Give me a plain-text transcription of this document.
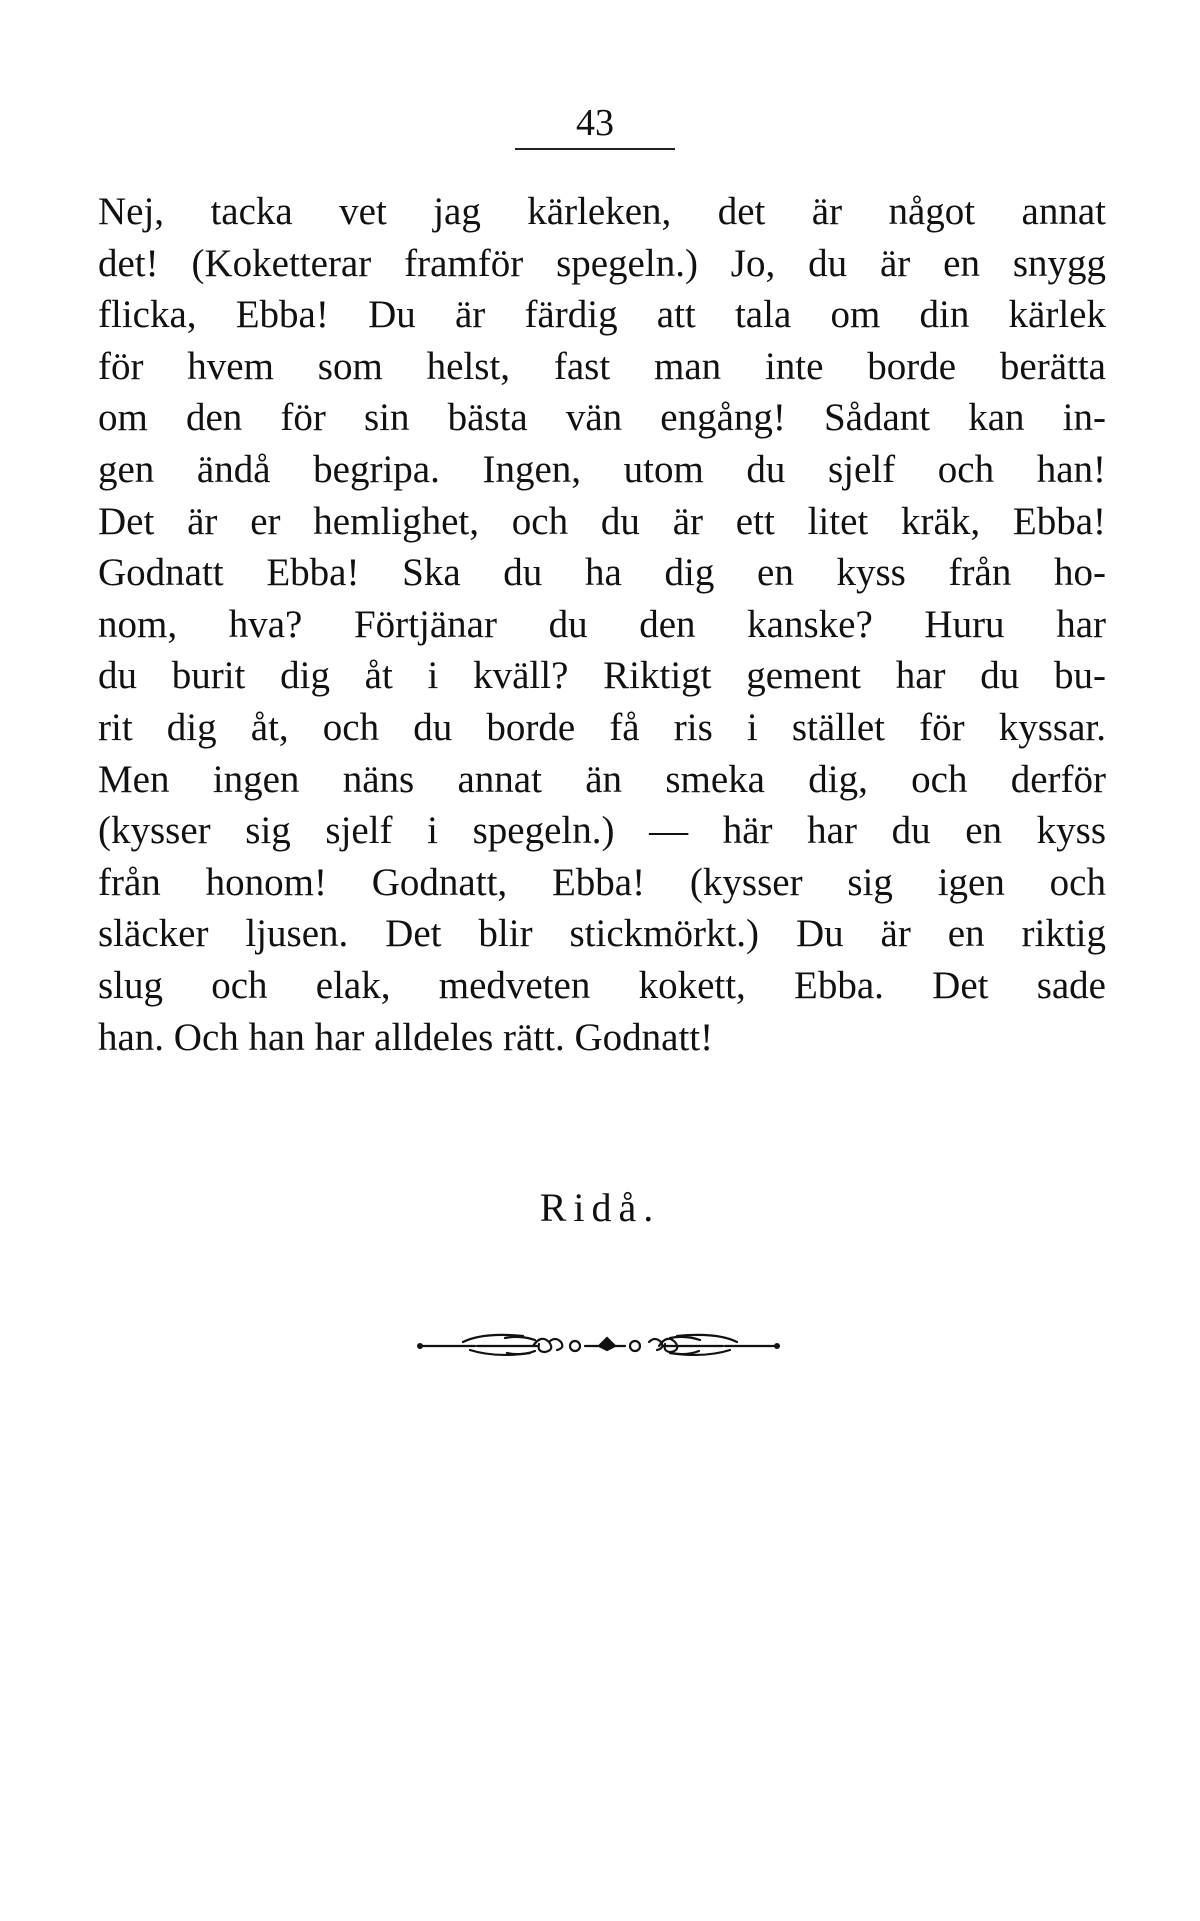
43
Nej, tacka vet jag kärleken, det är något annat
det! (Koketterar framför spegeln.) Jo, du är en snygg
flicka, Ebba! Du är färdig att tala om din kärlek
för hvem som helst, fast man inte borde berätta
om den för sin bästa vän engång! Sådant kan in-
gen ändå begripa. Ingen, utom du sjelf och han!
Det är er hemlighet, och du är ett litet kräk, Ebba!
Godnatt Ebba! Ska du ha dig en kyss från ho-
nom, hva? Förtjänar du den kanske? Huru har
du burit dig åt i kväll? Riktigt gement har du bu-
rit dig åt, och du borde få ris i stället för kyssar.
Men ingen näns annat än smeka dig, och derför
(kysser sig sjelf i spegeln.) — här har du en kyss
från honom! Godnatt, Ebba! (kysser sig igen och
släcker ljusen. Det blir stickmörkt.) Du är en riktig
slug och elak, medveten kokett, Ebba. Det sade
han. Och han har alldeles rätt. Godnatt!
Ridå.
